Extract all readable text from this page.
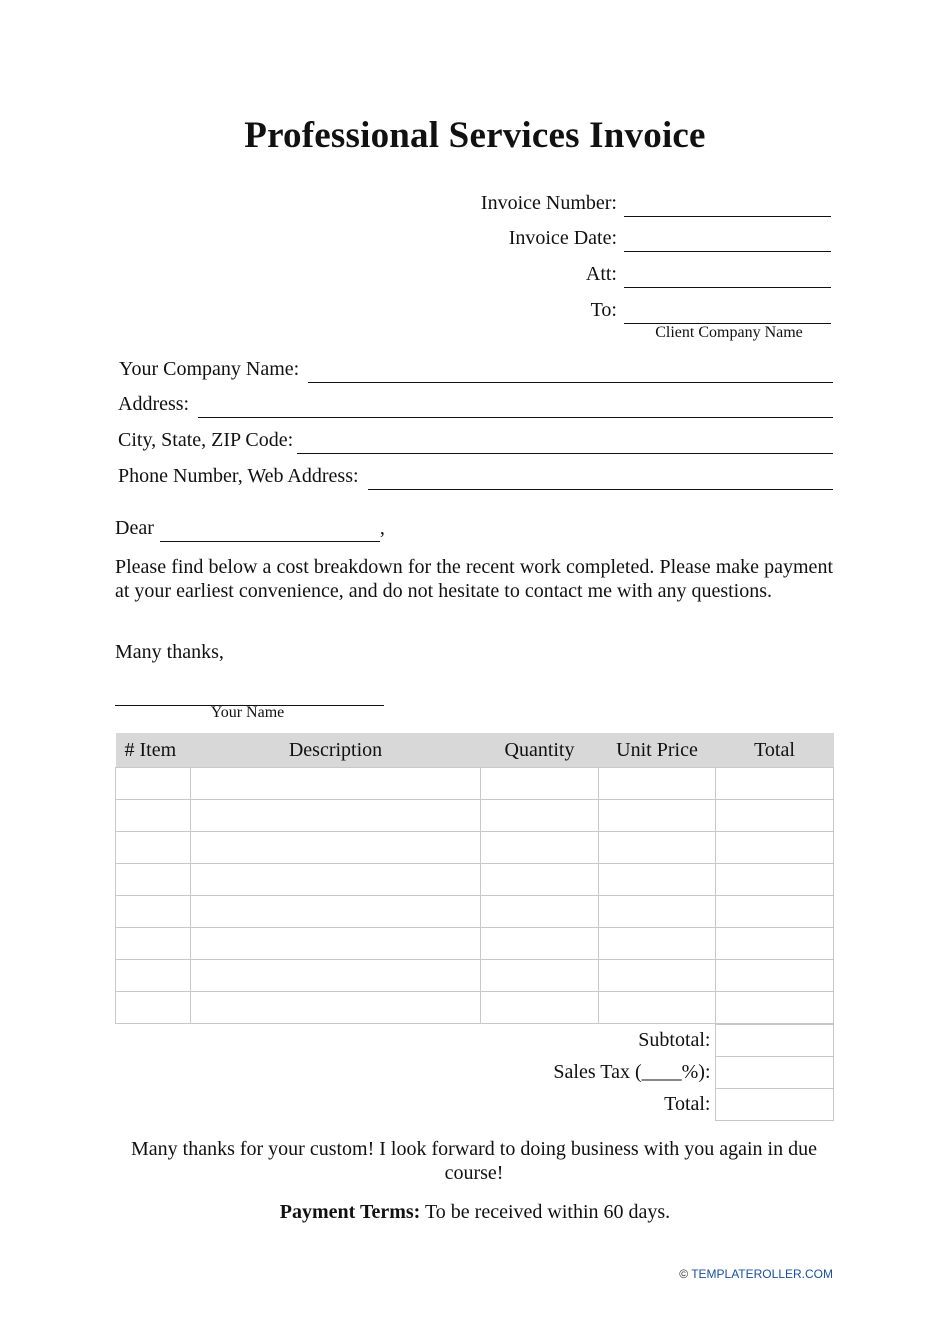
Professional Services Invoice
Invoice Number:
Invoice Date:
Att:
To:
Client Company Name
Your Company Name:
Address:
City, State, ZIP Code:
Phone Number, Web Address:
Dear	,
Please find below a cost breakdown for the recent work completed. Please make payment at your earliest convenience, and do not hesitate to contact me with any questions.
Many thanks,
Your Name
# Item	Description	Quantity	Unit Price	Total

Subtotal:	
Sales Tax (____%):	
Total:	
Many thanks for your custom! I look forward to doing business with you again in due course!
Payment Terms: To be received within 60 days.
© TEMPLATEROLLER.COM
